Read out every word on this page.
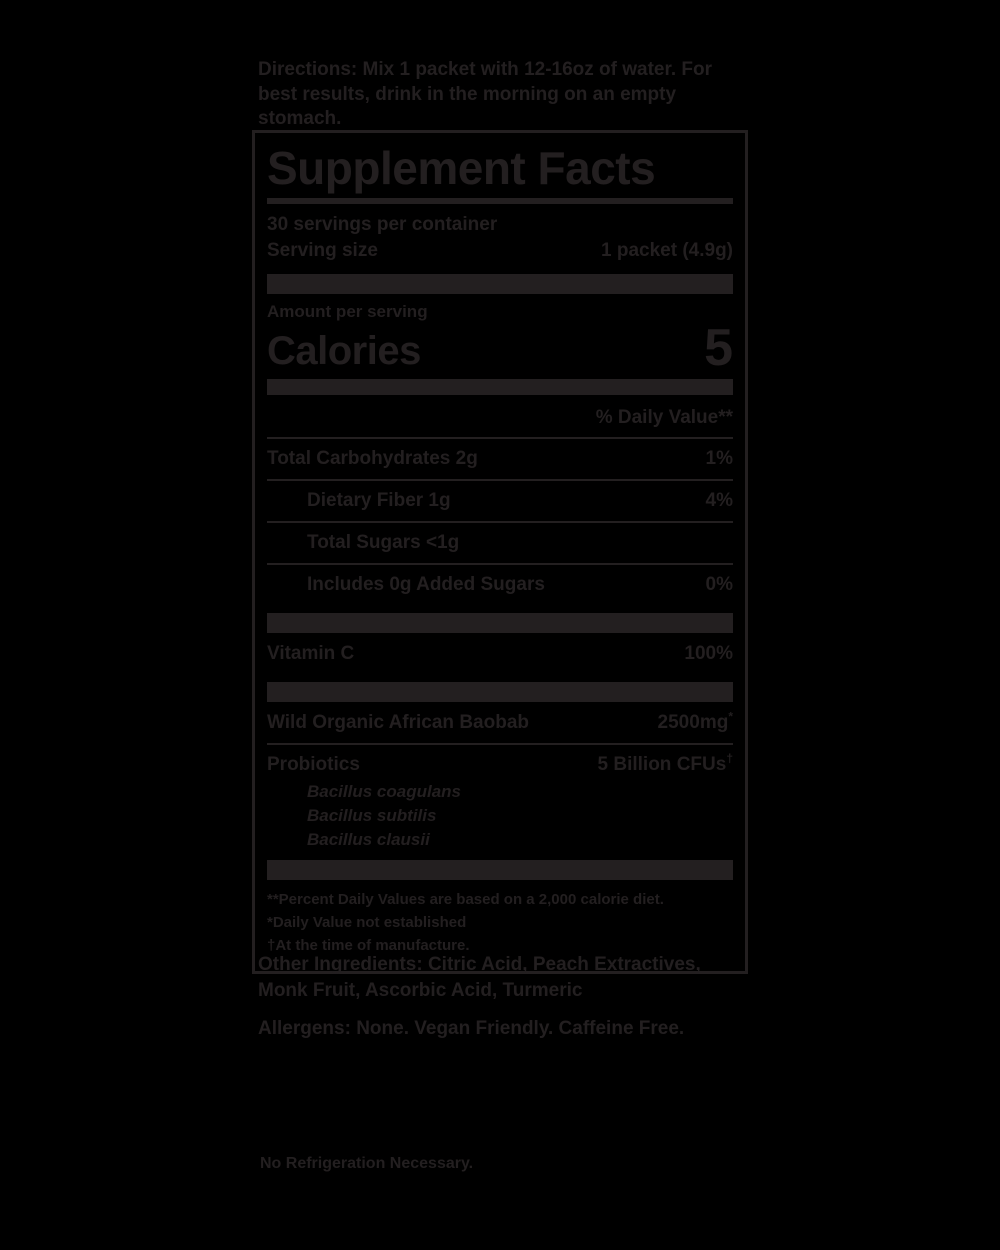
Directions: Mix 1 packet with 12-16oz of water. For best results, drink in the morning on an empty stomach.
Supplement Facts
30 servings per container
Serving size	1 packet (4.9g)
Amount per serving
Calories	5
% Daily Value**
Total Carbohydrates 2g	1%
Dietary Fiber 1g	4%
Total Sugars <1g
Includes 0g Added Sugars	0%
Vitamin C	100%
Wild Organic African Baobab	2500mg*
Probiotics	5 Billion CFUs†
Bacillus coagulans
Bacillus subtilis
Bacillus clausii
**Percent Daily Values are based on a 2,000 calorie diet.
*Daily Value not established
†At the time of manufacture.
Other Ingredients: Citric Acid, Peach Extractives, Monk Fruit, Ascorbic Acid, Turmeric
Allergens: None. Vegan Friendly. Caffeine Free.
No Refrigeration Necessary.
